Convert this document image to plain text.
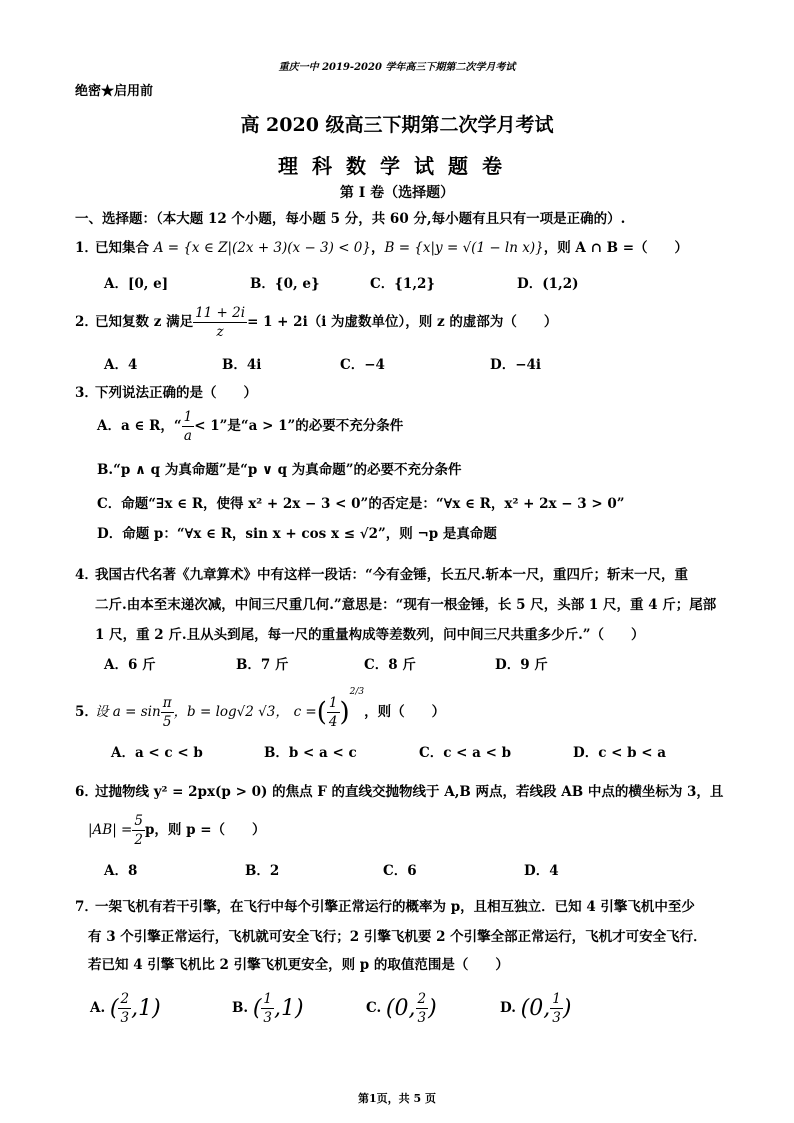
重庆一中 2019-2020 学年高三下期第二次学月考试
绝密★启用前
高 2020 级高三下期第二次学月考试
理科数学试题卷
第 I 卷（选择题）
一、选择题：（本大题 12 个小题，每小题 5 分，共 60 分,每小题有且只有一项是正确的）.
1．已知集合 A = {x ∈ Z|(2x + 3)(x − 3) < 0}，B = {x|y = √(1 − ln x)}，则 A ∩ B =（　　）
A．[0, e]	B．{0, e}	C．{1,2}	D．(1,2)
2．已知复数 z 满足 $\frac{11 + 2i}{z} = 1 + 2i(i$ 为虚数单位），则 z 的虚部为（　　）
A．4	B．4i	C．−4	D．−4i
3．下列说法正确的是（　　）
A．a ∈ R，“ $\frac{1}{a} < 1$”是“a > 1”的必要不充分条件
B.“p ∧ q 为真命题”是“p ∨ q 为真命题”的必要不充分条件
C．命题“∃x ∈ R，使得 x² + 2x − 3 < 0”的否定是：“∀x ∈ R，x² + 2x − 3 > 0”
D．命题 p：“∀x ∈ R，sin x + cos x ≤ √2”，则 ¬p 是真命题
4．我国古代名著《九章算术》中有这样一段话：“今有金锤，长五尺.斩本一尺，重四斤；斩末一尺，重
二斤.由本至末递次减，中间三尺重几何.”意思是：“现有一根金锤，长 5 尺，头部 1 尺，重 4 斤；尾部
1 尺，重 2 斤.且从头到尾，每一尺的重量构成等差数列，问中间三尺共重多少斤.”（　　）
A．6 斤	B．7 斤	C．8 斤	D．9 斤
5．设 $a = \sin \frac{\pi}{5}$ ，b = log√2 √3， c =( $\frac{1}{4} )^{2/3}$，则（　　）
A．a < c < b	B．b < a < c	C．c < a < b	D．c < b < a
6．过抛物线 y² = 2px(p > 0) 的焦点 F 的直线交抛物线于 A,B 两点，若线段 AB 中点的横坐标为 3，且
$|AB| = \frac{5}{2}$ p，则 p =（　　）
A．8	B．2	C．6	D．4
7．一架飞机有若干引擎，在飞行中每个引擎正常运行的概率为 p，且相互独立．已知 4 引擎飞机中至少
有 3 个引擎正常运行，飞机就可安全飞行；2 引擎飞机要 2 个引擎全部正常运行，飞机才可安全飞行．
若已知 4 引擎飞机比 2 引擎飞机更安全，则 p 的取值范围是（　　）
A. ( $\frac{2}{3} ,1$)	B. ( $\frac{1}{3} ,1$)	C. (0, $\frac{2}{3}$ )	D. (0, $\frac{1}{3}$ )
第1页，共 5 页
